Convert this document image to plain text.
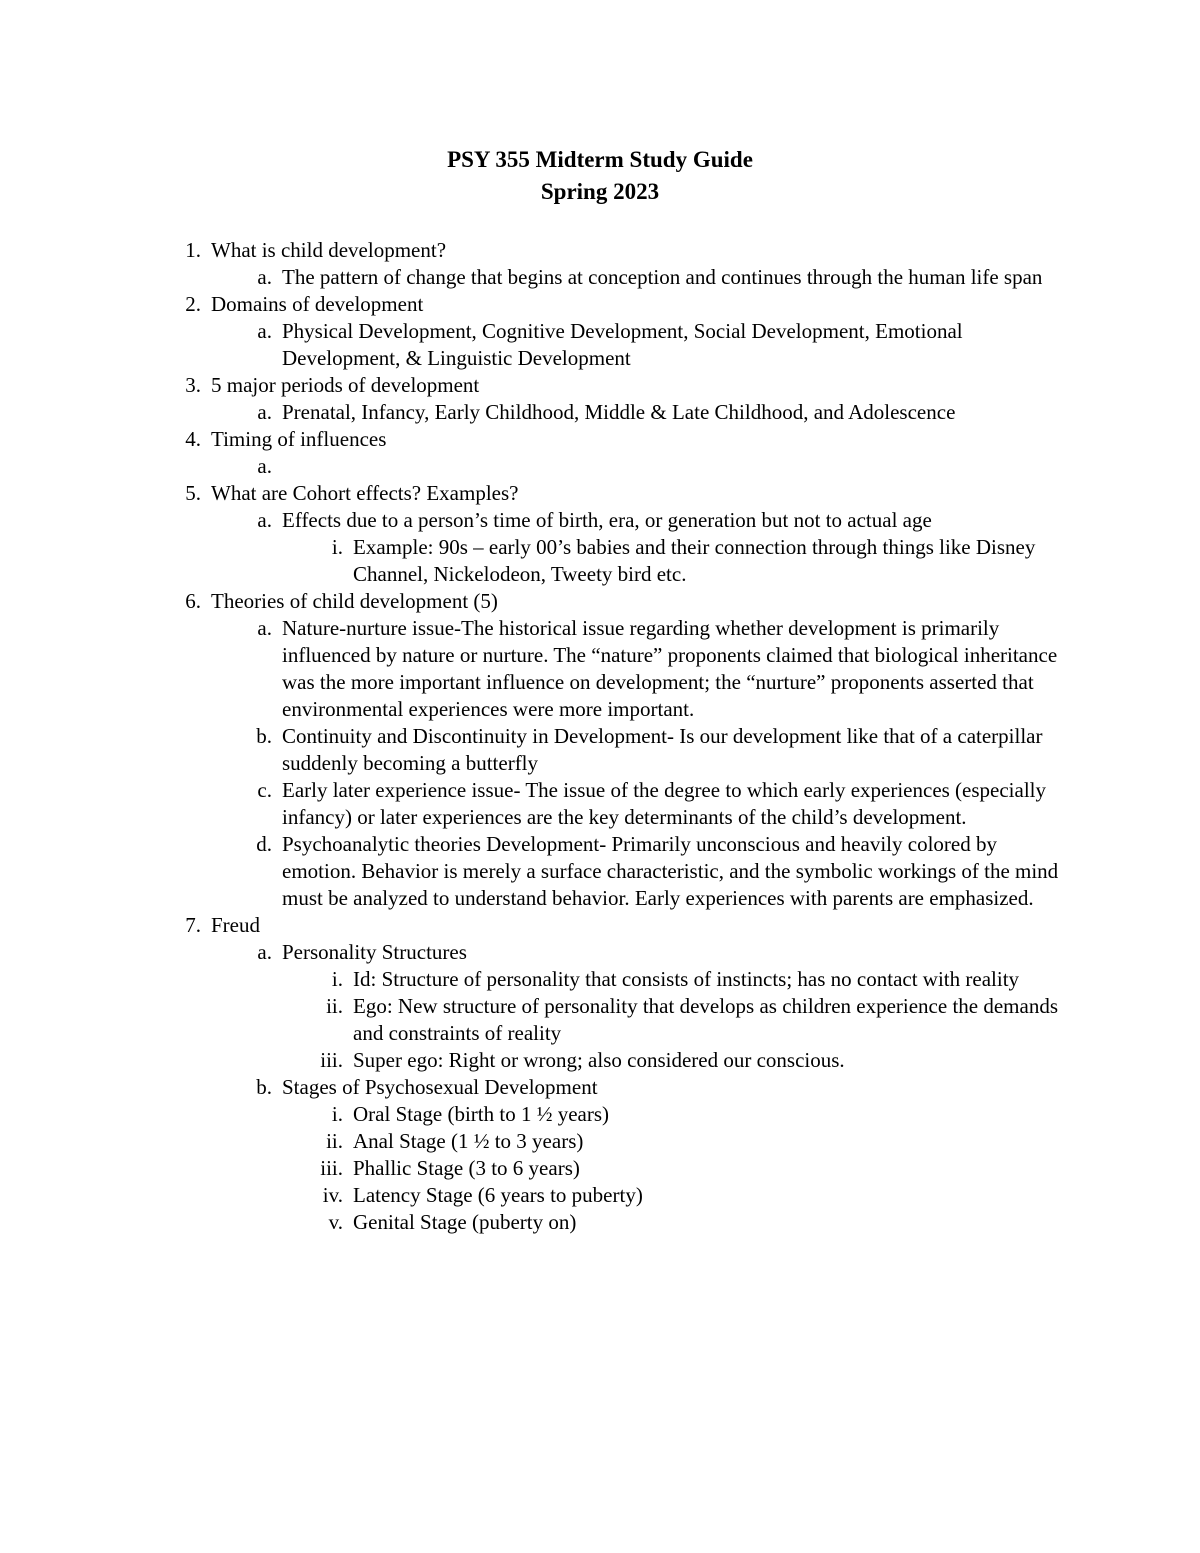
PSY 355 Midterm Study Guide
Spring 2023
1. What is child development?
a. The pattern of change that begins at conception and continues through the human life span
2. Domains of development
a. Physical Development, Cognitive Development, Social Development, Emotional Development, & Linguistic Development
3. 5 major periods of development
a. Prenatal, Infancy, Early Childhood, Middle & Late Childhood, and Adolescence
4. Timing of influences
a.
5. What are Cohort effects? Examples?
a. Effects due to a person’s time of birth, era, or generation but not to actual age
i. Example: 90s – early 00’s babies and their connection through things like Disney Channel, Nickelodeon, Tweety bird etc.
6. Theories of child development (5)
a. Nature-nurture issue-The historical issue regarding whether development is primarily influenced by nature or nurture. The “nature” proponents claimed that biological inheritance was the more important influence on development; the “nurture” proponents asserted that environmental experiences were more important.
b. Continuity and Discontinuity in Development- Is our development like that of a caterpillar suddenly becoming a butterfly
c. Early later experience issue- The issue of the degree to which early experiences (especially infancy) or later experiences are the key determinants of the child’s development.
d. Psychoanalytic theories Development- Primarily unconscious and heavily colored by emotion. Behavior is merely a surface characteristic, and the symbolic workings of the mind must be analyzed to understand behavior. Early experiences with parents are emphasized.
7. Freud
a. Personality Structures
i. Id: Structure of personality that consists of instincts; has no contact with reality
ii. Ego: New structure of personality that develops as children experience the demands and constraints of reality
iii. Super ego: Right or wrong; also considered our conscious.
b. Stages of Psychosexual Development
i. Oral Stage (birth to 1 ½ years)
ii. Anal Stage (1 ½ to 3 years)
iii. Phallic Stage (3 to 6 years)
iv. Latency Stage (6 years to puberty)
v. Genital Stage (puberty on)
